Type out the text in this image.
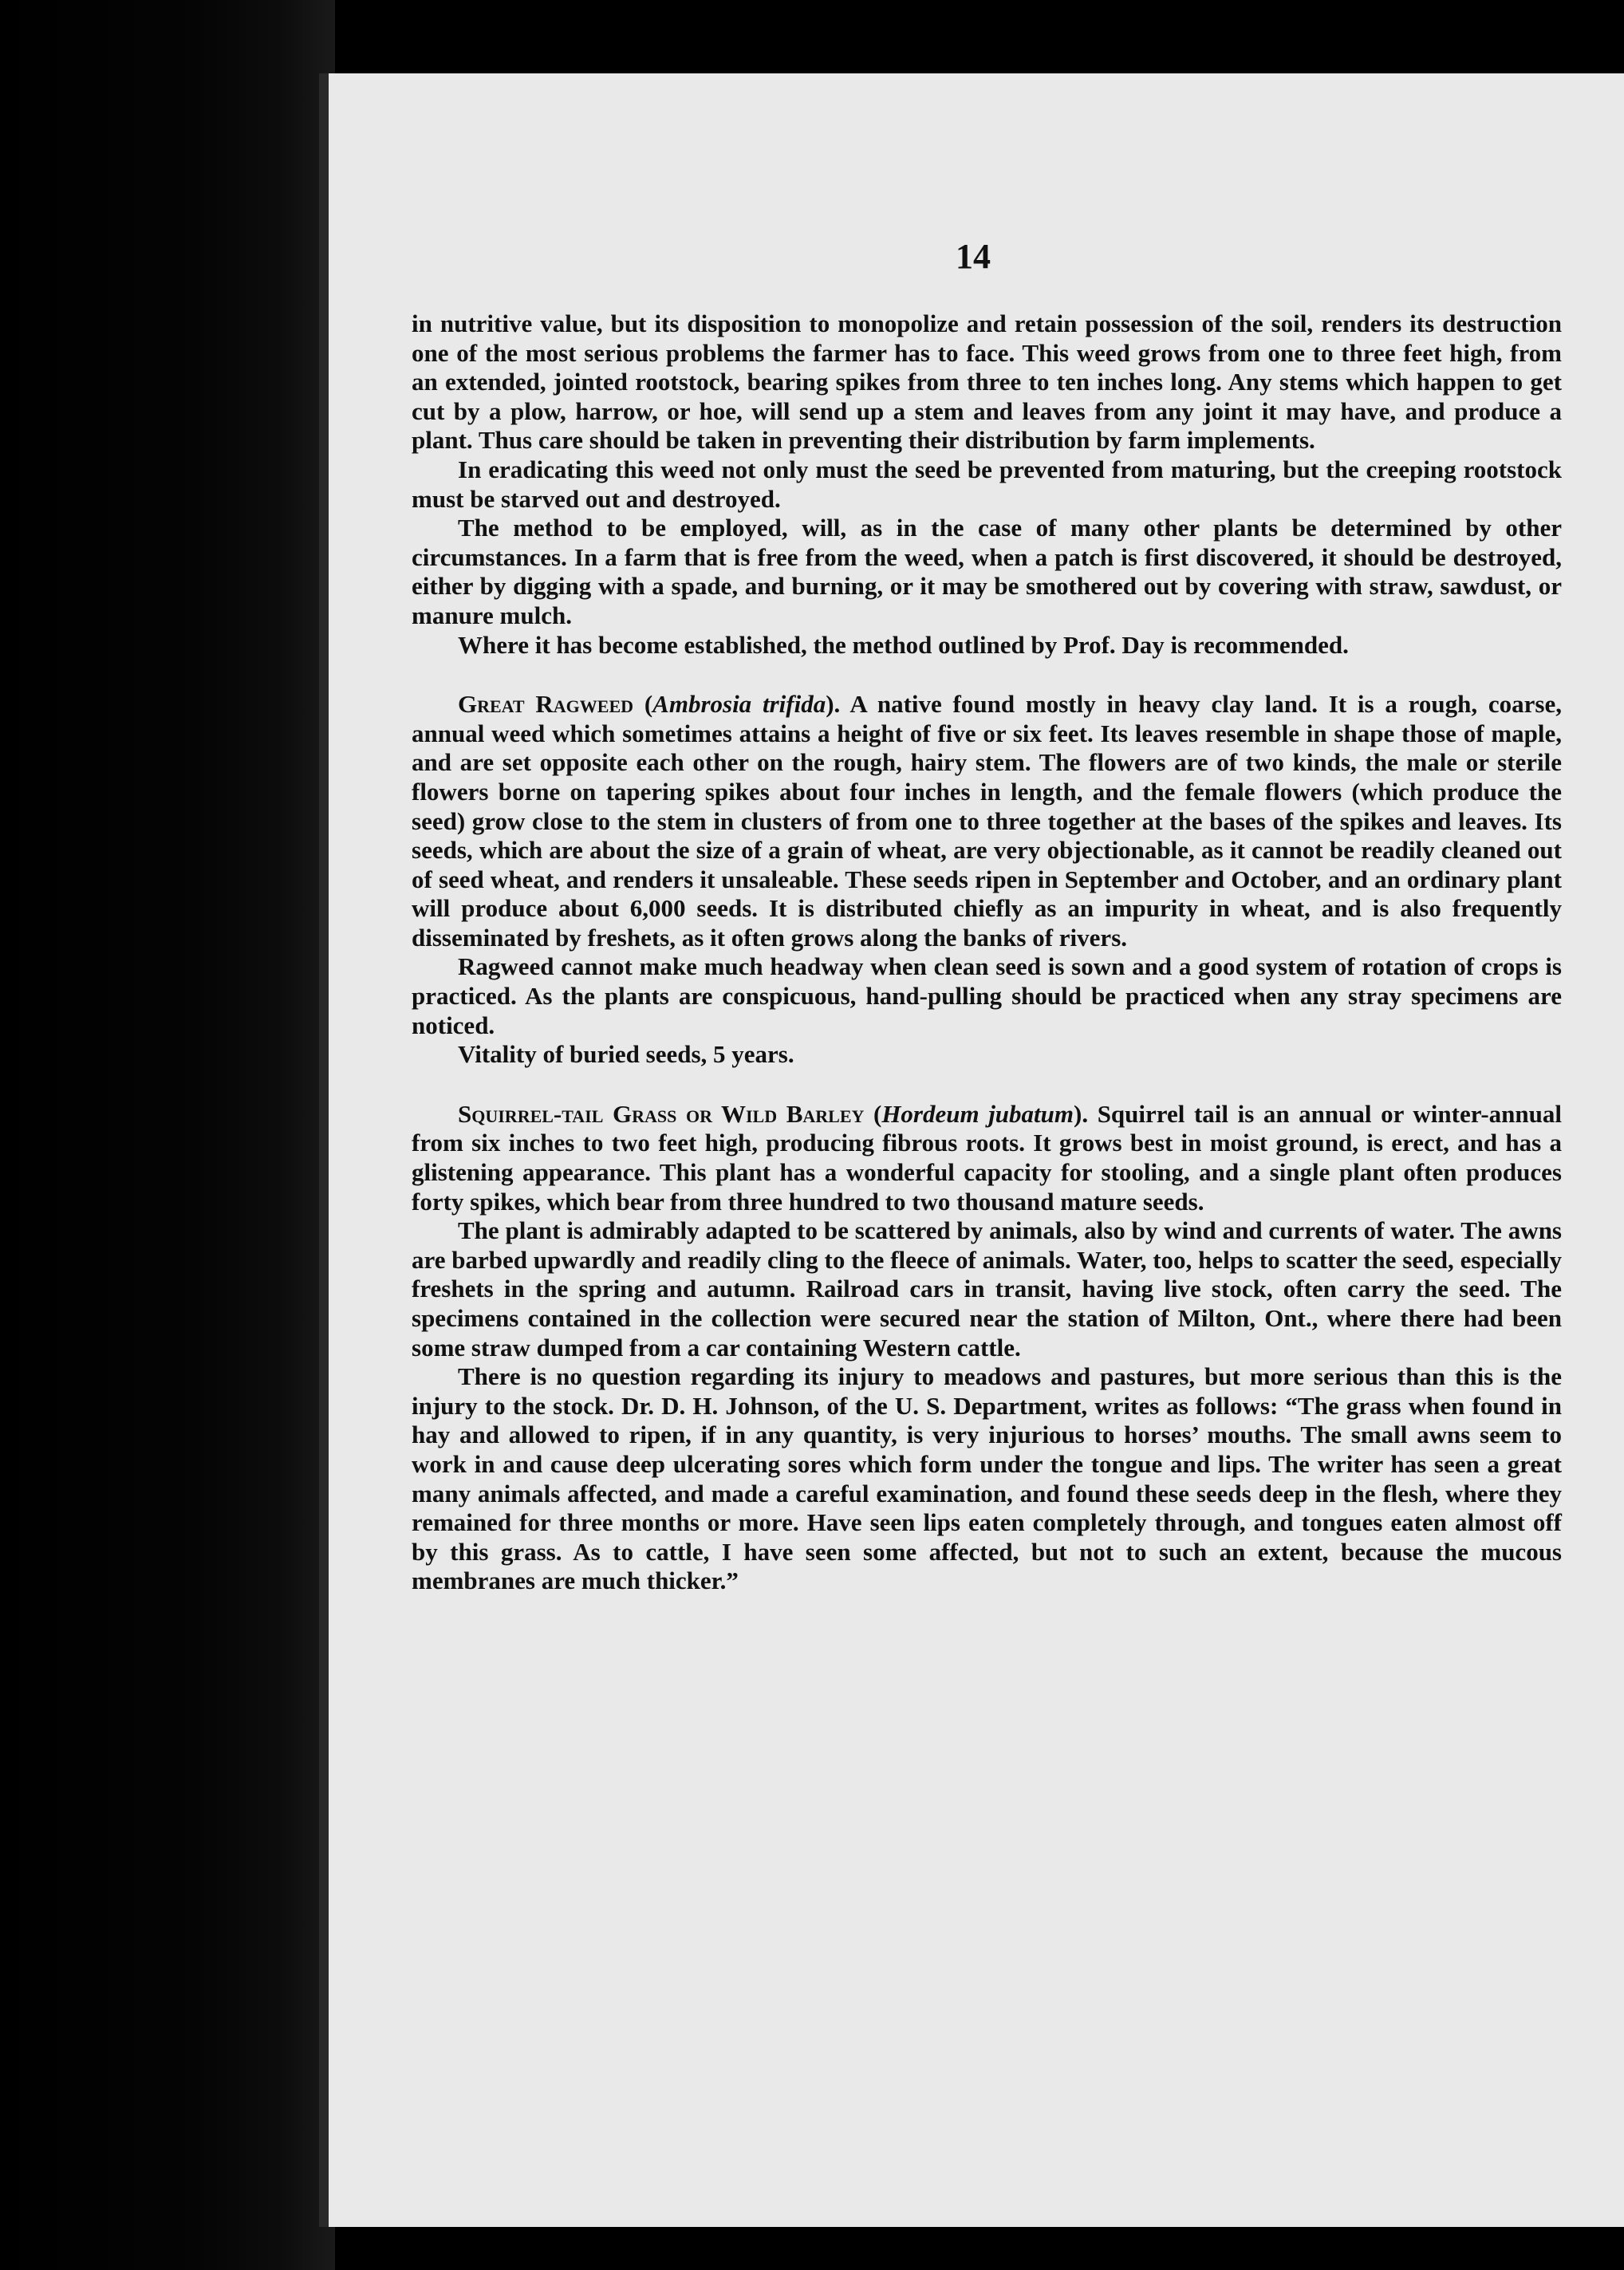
14

in nutritive value, but its disposition to monopolize and retain possession of the soil, renders its destruction one of the most serious problems the farmer has to face. This weed grows from one to three feet high, from an extended, jointed rootstock, bearing spikes from three to ten inches long. Any stems which happen to get cut by a plow, harrow, or hoe, will send up a stem and leaves from any joint it may have, and produce a plant. Thus care should be taken in preventing their distribution by farm implements.

In eradicating this weed not only must the seed be prevented from maturing, but the creeping rootstock must be starved out and destroyed.

The method to be employed, will, as in the case of many other plants be determined by other circumstances. In a farm that is free from the weed, when a patch is first discovered, it should be destroyed, either by digging with a spade, and burning, or it may be smothered out by covering with straw, sawdust, or manure mulch.

Where it has become established, the method outlined by Prof. Day is recommended.

Great Ragweed (Ambrosia trifida). A native found mostly in heavy clay land. It is a rough, coarse, annual weed which sometimes attains a height of five or six feet. Its leaves resemble in shape those of maple, and are set opposite each other on the rough, hairy stem. The flowers are of two kinds, the male or sterile flowers borne on tapering spikes about four inches in length, and the female flowers (which produce the seed) grow close to the stem in clusters of from one to three together at the bases of the spikes and leaves. Its seeds, which are about the size of a grain of wheat, are very objectionable, as it cannot be readily cleaned out of seed wheat, and renders it unsaleable. These seeds ripen in September and October, and an ordinary plant will produce about 6,000 seeds. It is distributed chiefly as an impurity in wheat, and is also frequently disseminated by freshets, as it often grows along the banks of rivers.

Ragweed cannot make much headway when clean seed is sown and a good system of rotation of crops is practiced. As the plants are conspicuous, hand-pulling should be practiced when any stray specimens are noticed.

Vitality of buried seeds, 5 years.

Squirrel-tail Grass or Wild Barley (Hordeum jubatum). Squirrel tail is an annual or winter-annual from six inches to two feet high, producing fibrous roots. It grows best in moist ground, is erect, and has a glistening appearance. This plant has a wonderful capacity for stooling, and a single plant often produces forty spikes, which bear from three hundred to two thousand mature seeds.

The plant is admirably adapted to be scattered by animals, also by wind and currents of water. The awns are barbed upwardly and readily cling to the fleece of animals. Water, too, helps to scatter the seed, especially freshets in the spring and autumn. Railroad cars in transit, having live stock, often carry the seed. The specimens contained in the collection were secured near the station of Milton, Ont., where there had been some straw dumped from a car containing Western cattle.

There is no question regarding its injury to meadows and pastures, but more serious than this is the injury to the stock. Dr. D. H. Johnson, of the U. S. Department, writes as follows: “The grass when found in hay and allowed to ripen, if in any quantity, is very injurious to horses’ mouths. The small awns seem to work in and cause deep ulcerating sores which form under the tongue and lips. The writer has seen a great many animals affected, and made a careful examination, and found these seeds deep in the flesh, where they remained for three months or more. Have seen lips eaten completely through, and tongues eaten almost off by this grass. As to cattle, I have seen some affected, but not to such an extent, because the mucous membranes are much thicker.”
